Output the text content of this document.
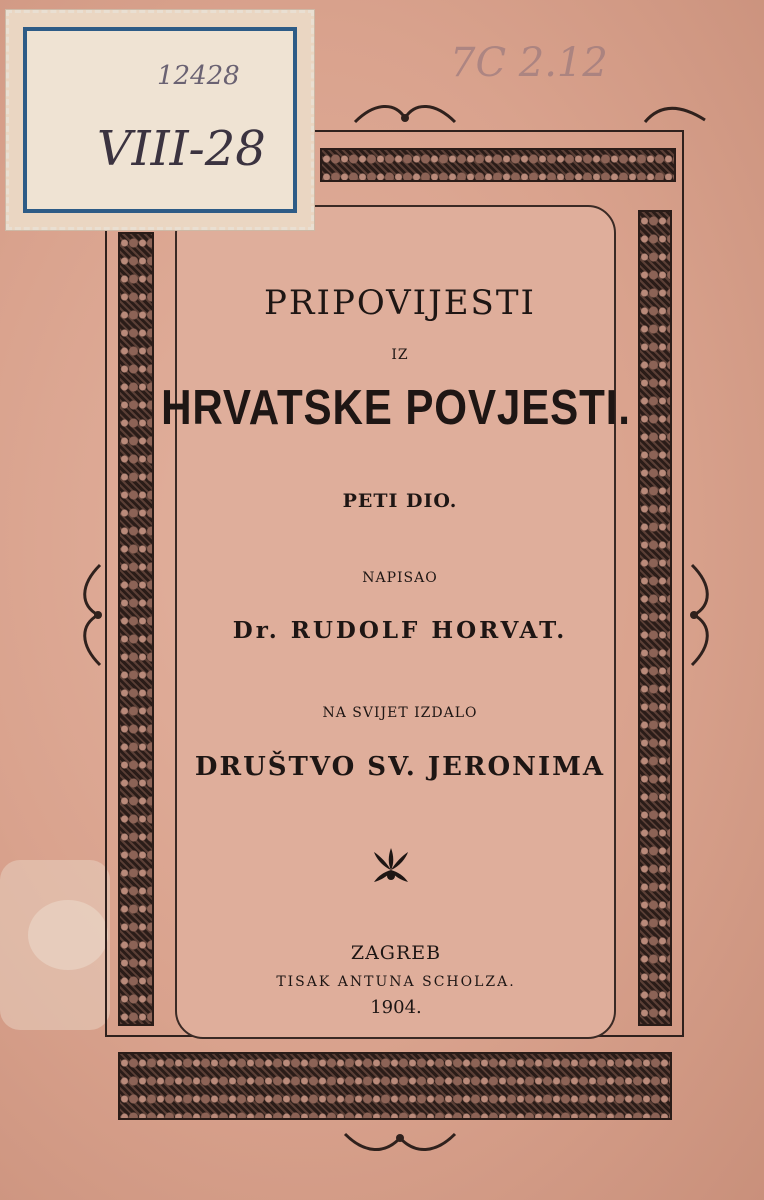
12428
VIII-28
7C 2.12
PRIPOVIJESTI
IZ
HRVATSKE POVJESTI.
PETI DIO.
NAPISAO
Dr. RUDOLF HORVAT.
NA SVIJET IZDALO
DRUŠTVO SV. JERONIMA
ZAGREB
TISAK ANTUNA SCHOLZA.
1904.
